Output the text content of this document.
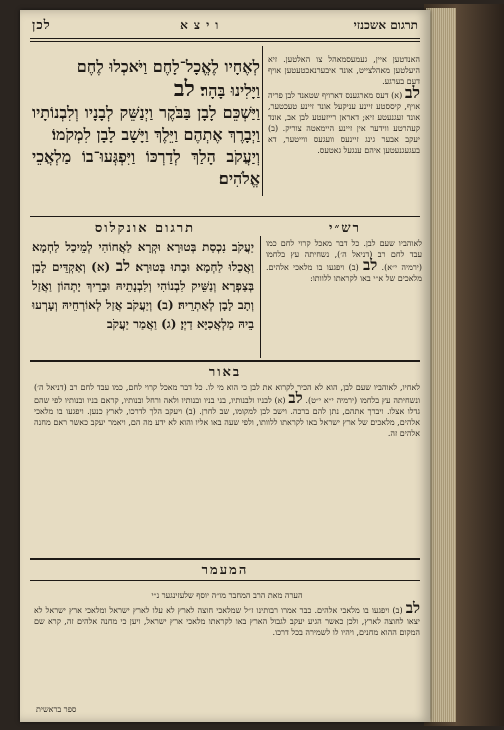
תרגום אשכנזי
ויצא
לכן
לְאֶחָיו לֶאֱכָל־לָחֶם וַיֹּאכְלוּ לֶחֶם
וַיָּלִינוּ בָּהָר׃ לב
וַיַּשְׁכֵּם לָבָן בַּבֹּקֶר וַיְנַשֵּׁק לְבָנָיו וְלִבְנוֹתָיו וַיְבָרֶךְ אֶתְהֶם וַיֵּלֶךְ וַיָּשָׁב לָבָן לִמְקֹמוֹ׃
וְיַעֲקֹב הָלַךְ לְדַרְכּוֹ וַיִּפְגְּעוּ־בוֹ מַלְאֲכֵי אֱלֹהִים׃
האנדטען איין, געמעסמאהל צו האלטען. זיא היעלטען מאהלצייט, אונד איבערנאכטעטען אויף דעם בערגע.
לב (א) דעס מארגענס דארויף שטאנד לבן פריה אויף, קיססטע זיינע עניקעל אונד זיינע טעכטער, אונד זעגנעטע זיא; דאראן רייזעטע לבן אב, אונד קעהרטע ווידער אין זיינע היימאטה צוריק. (ב) יעקב אבער גינג זיינעס וועגעס ווייטער, דא בעגעגנעטען איהם ענגעל גאטעס.
תרגום אונקלוס	רש״י
יַעֲקֹב נִכְסַת בְּטוּרָא וּקְרָא לַאֲחוֹהִי לְמֵיכַל לַחְמָא וַאֲכַלוּ לַחְמָא וּבָתוּ בְּטוּרָא׃ לב (א) וְאַקְדֵּים לָבָן בְּצַפְרָא וְנַשֵּׁיק לִבְנוֹהִי וְלִבְנָתֵיהּ וּבָרֵיךְ יָתְהוֹן וַאֲזַל וְתָב לָבָן לְאַתְרֵיהּ׃ (ב) וְיַעֲקֹב אֲזַל לְאוֹרְחֵיהּ וְעָרְעוּ בֵיהּ מַלְאֲכַיָּא דַיְיָ׃ (ג) וַאֲמַר יַעֲקֹב
לאוהביו שעם לבן. כל דבר מאכל קרוי לחם כמו עבד לחם רב (דניאל ה׳), נשחיתה עץ בלחמו (ירמיה י״א). לב (ב) ויפגעו בו מלאכי אלהים. מלאכים של א״י באו לקראתו ללוותו:
באור
לאחיו, לאוהביו שעם לבן, הוא לא הכיר לקרוא את לבן כי הוא מי לו. כל דבר מאכל קרוי לחם, כמו עבד לחם רב (דניאל ה׳) ונשחיתה עץ בלחמו (ירמיה י״א י״ט). לב (א) לבניו ולבנותיו, בני בניו ובנותיו ולאה ורחל ובנותיו, קראם בניו ובנותיו לפי שהם גדלו אצלו. ויברך אתהם, נתן להם ברכה. וישב לבן למקומו, שב לחרן. (ב) ויעקב הלך לדרכו, לארץ כנען. ויפגעו בו מלאכי אלהים, מלאכים של ארץ ישראל באו לקראתו ללוותו, ולפי שעה באו אליו והוא לא ידע מה הם, ויאמר יעקב כאשר ראם מחנה אלהים זה.
המעמר
הערה מאת הרב המחבר מו״ה יוסף שלעזינגער נ״י
לב (ב) ויפגעו בו מלאכי אלהים. כבר אמרו רבותינו ז״ל שמלאכי חוצה לארץ לא עלו לארץ ישראל ומלאכי ארץ ישראל לא יצאו לחוצה לארץ, ולכן כאשר הגיע יעקב לגבול הארץ באו לקראתו מלאכי ארץ ישראל, ויען כי מחנה אלהים זה, קרא שם המקום ההוא מחנים, ויהיו לו לשמירה בכל דרכו.
ספר בראשית
